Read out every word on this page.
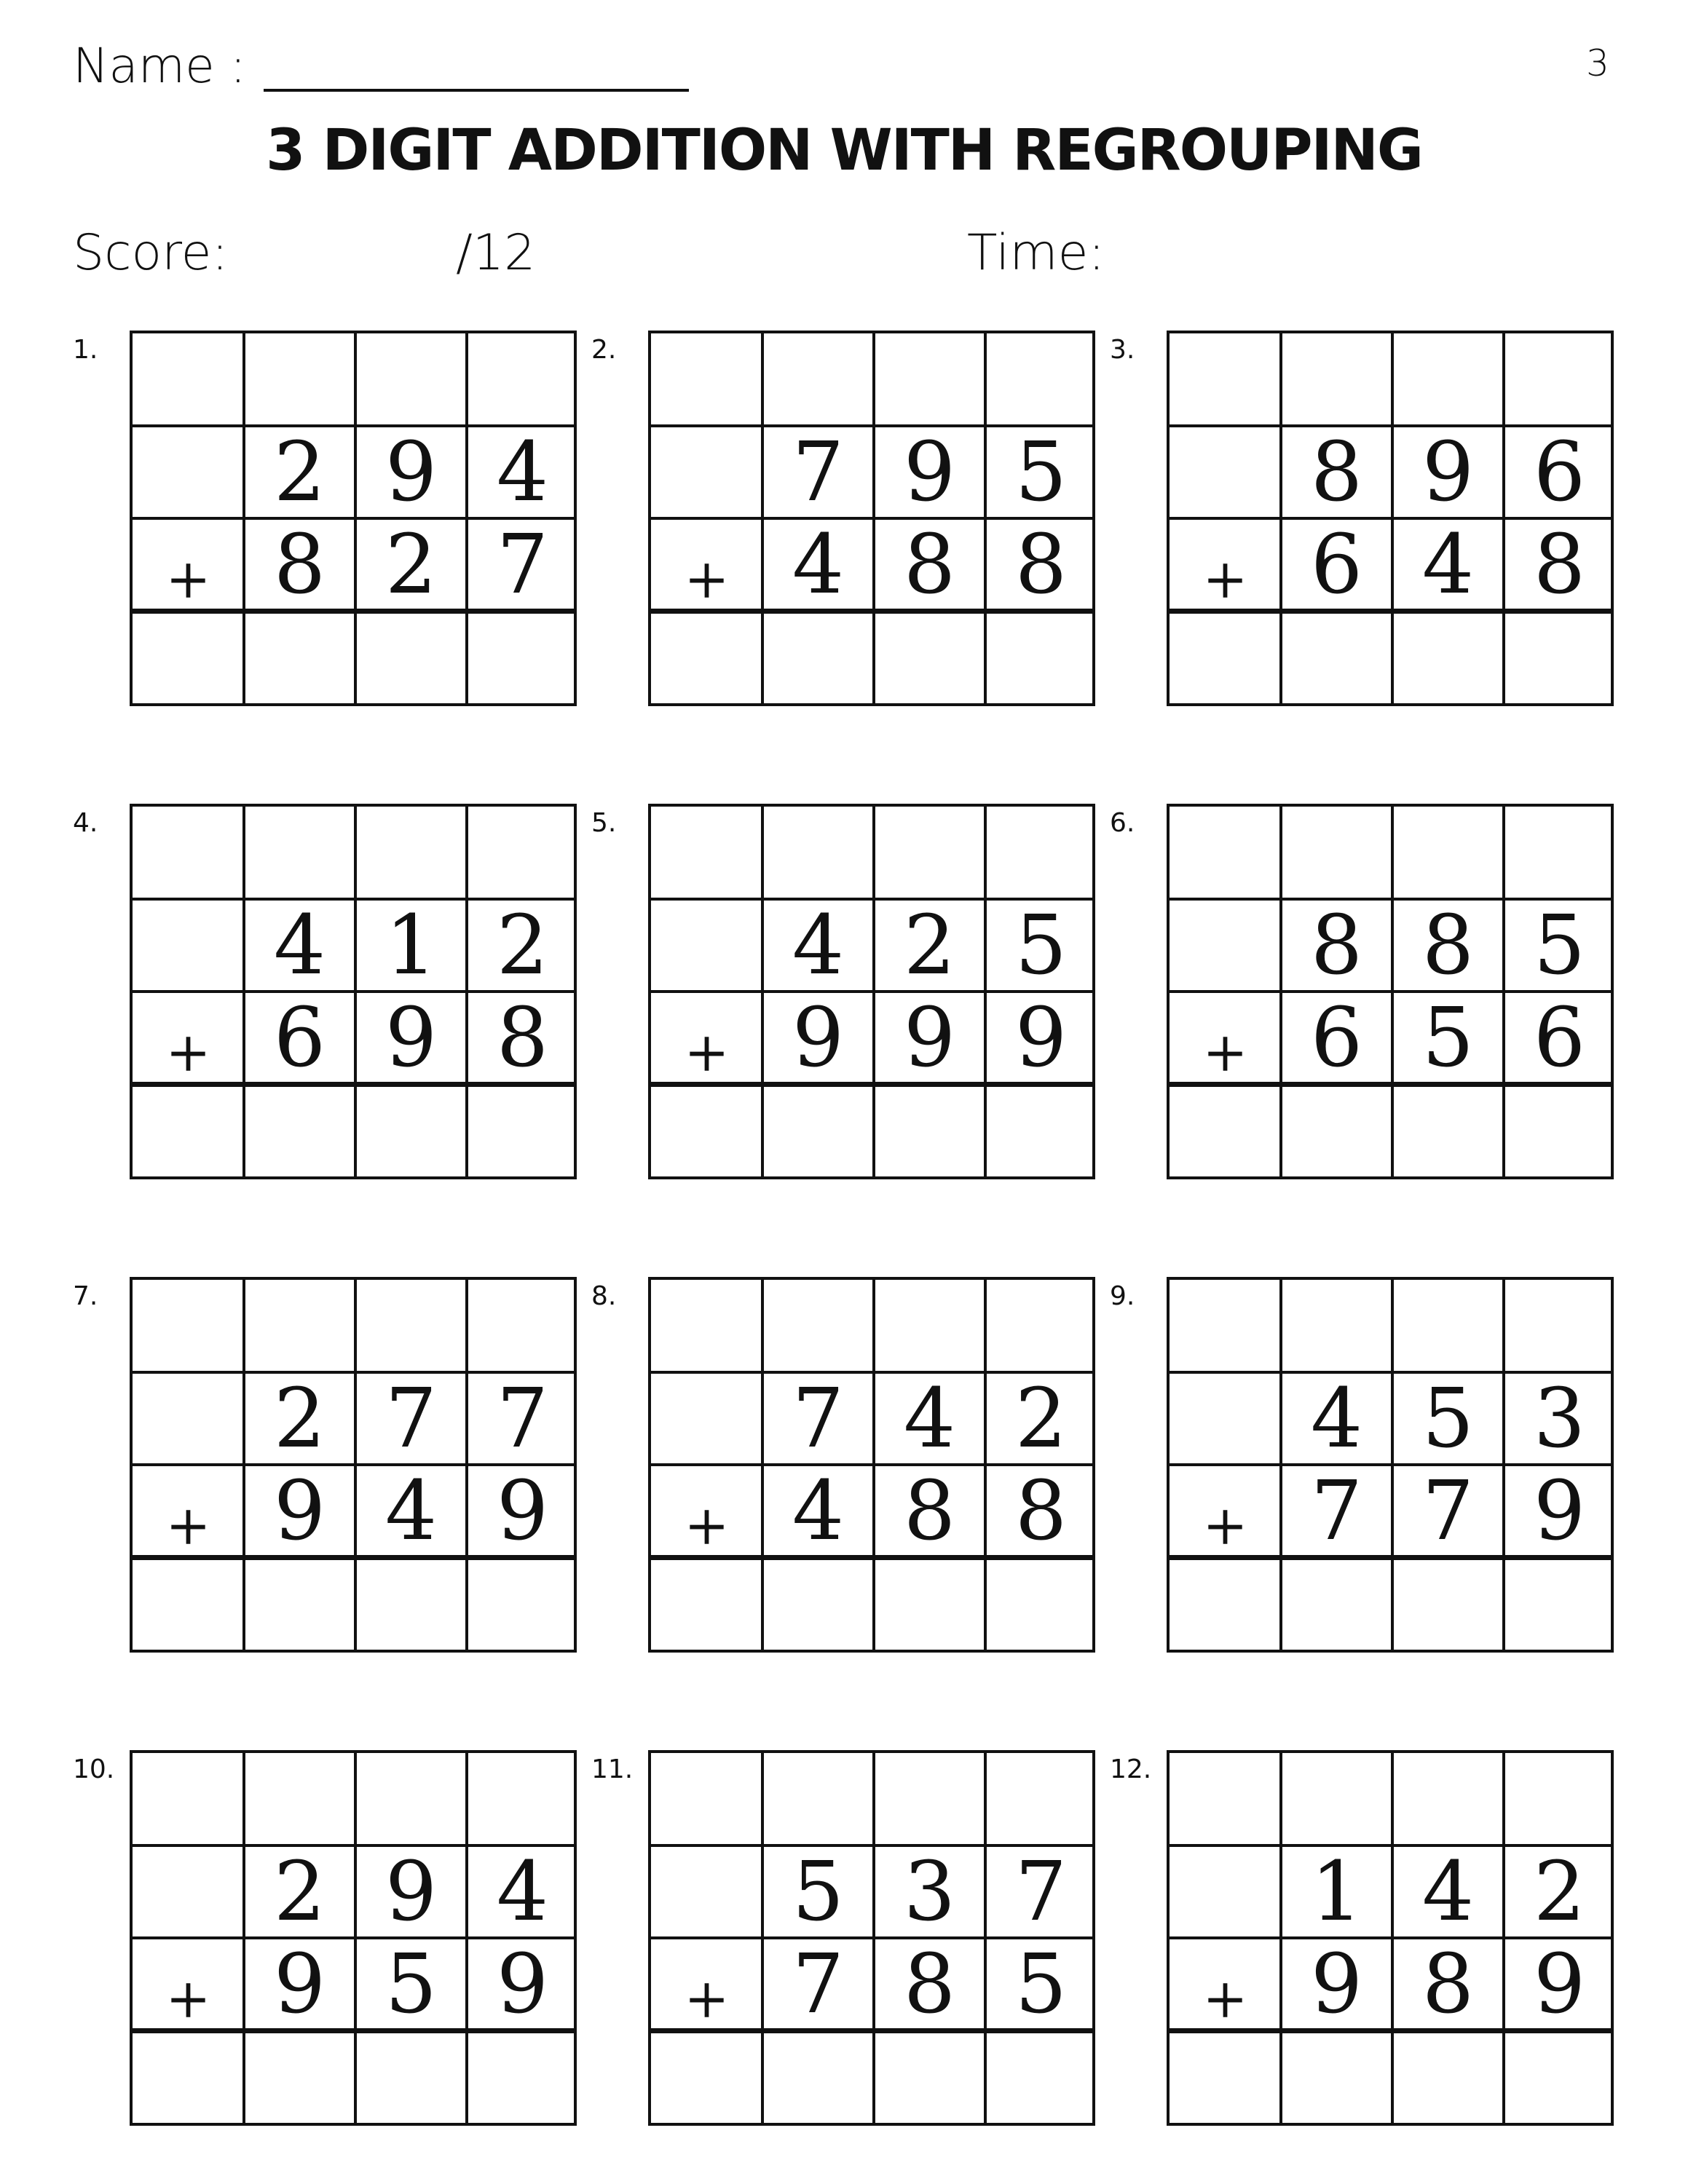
Name :	3
3 DIGIT ADDITION WITH REGROUPING
Score:	/12	Time:
1.
2 9 4
+ 8 2 7
2.
7 9 5
+ 4 8 8
3.
8 9 6
+ 6 4 8
4.
4 1 2
+ 6 9 8
5.
4 2 5
+ 9 9 9
6.
8 8 5
+ 6 5 6
7.
2 7 7
+ 9 4 9
8.
7 4 2
+ 4 8 8
9.
4 5 3
+ 7 7 9
10.
2 9 4
+ 9 5 9
11.
5 3 7
+ 7 8 5
12.
1 4 2
+ 9 8 9
